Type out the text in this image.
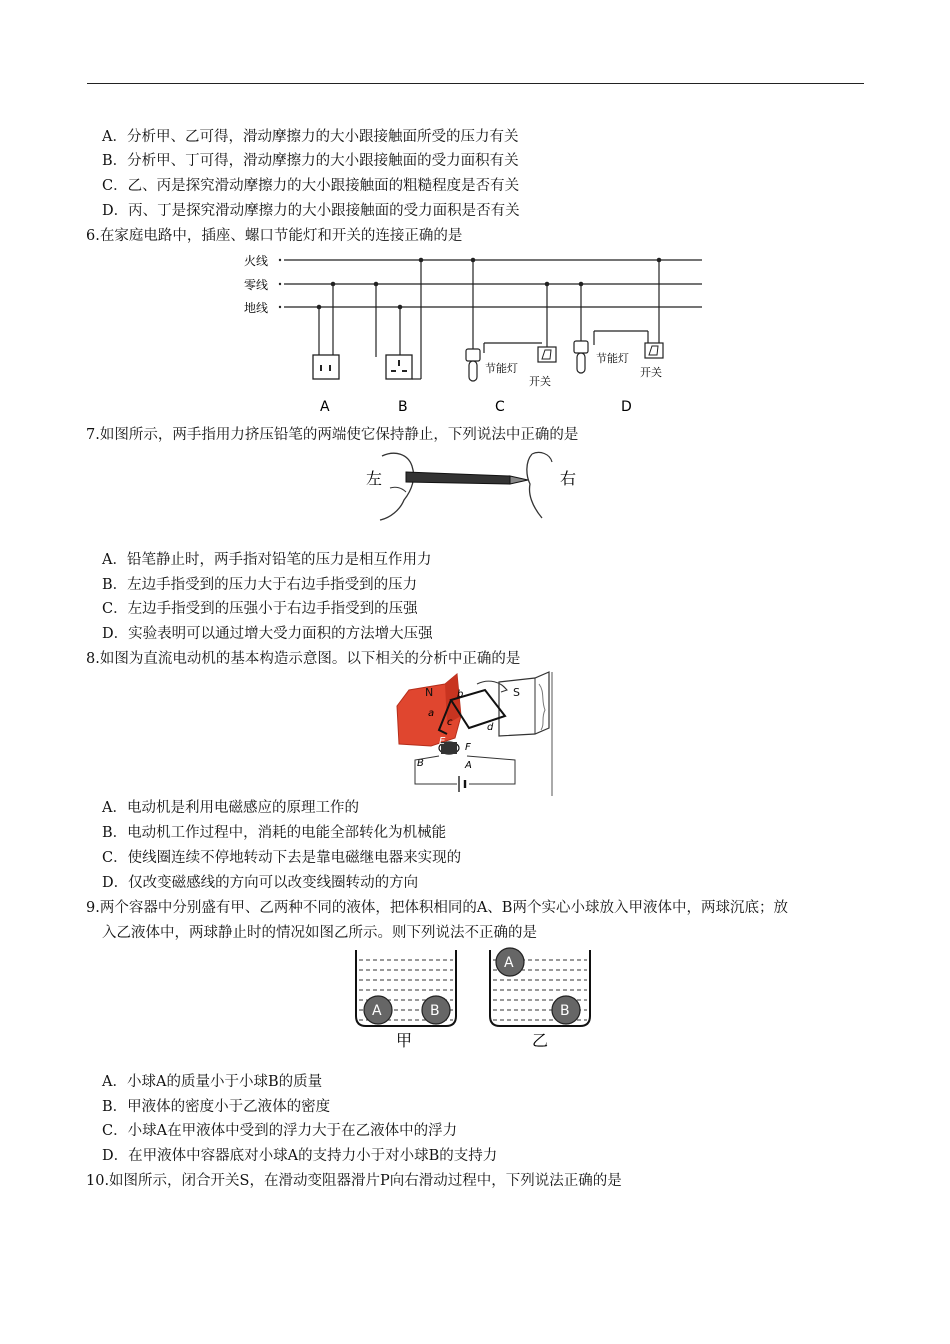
A．分析甲、乙可得，滑动摩擦力的大小跟接触面所受的压力有关
B．分析甲、丁可得，滑动摩擦力的大小跟接触面的受力面积有关
C．乙、丙是探究滑动摩擦力的大小跟接触面的粗糙程度是否有关
D．丙、丁是探究滑动摩擦力的大小跟接触面的受力面积是否有关
6.在家庭电路中，插座、螺口节能灯和开关的连接正确的是
火线
零线
地线
节能灯
开关
节能灯
开关
A	B	C	D
7.如图所示，两手指用力挤压铅笔的两端使它保持静止，下列说法中正确的是
左	右
A．铅笔静止时，两手指对铅笔的压力是相互作用力
B．左边手指受到的压力大于右边手指受到的压力
C．左边手指受到的压强小于右边手指受到的压强
D．实验表明可以通过增大受力面积的方法增大压强
8.如图为直流电动机的基本构造示意图。以下相关的分析中正确的是
N	S
b
a
c	d
E
F
B	A
A．电动机是利用电磁感应的原理工作的
B．电动机工作过程中，消耗的电能全部转化为机械能
C．使线圈连续不停地转动下去是靠电磁继电器来实现的
D．仅改变磁感线的方向可以改变线圈转动的方向
9.两个容器中分别盛有甲、乙两种不同的液体，把体积相同的A、B两个实心小球放入甲液体中，两球沉底；放
入乙液体中，两球静止时的情况如图乙所示。则下列说法不正确的是
A	B
甲
A
B
乙
A．小球A的质量小于小球B的质量
B．甲液体的密度小于乙液体的密度
C．小球A在甲液体中受到的浮力大于在乙液体中的浮力
D．在甲液体中容器底对小球A的支持力小于对小球B的支持力
10.如图所示，闭合开关S，在滑动变阻器滑片P向右滑动过程中，下列说法正确的是
